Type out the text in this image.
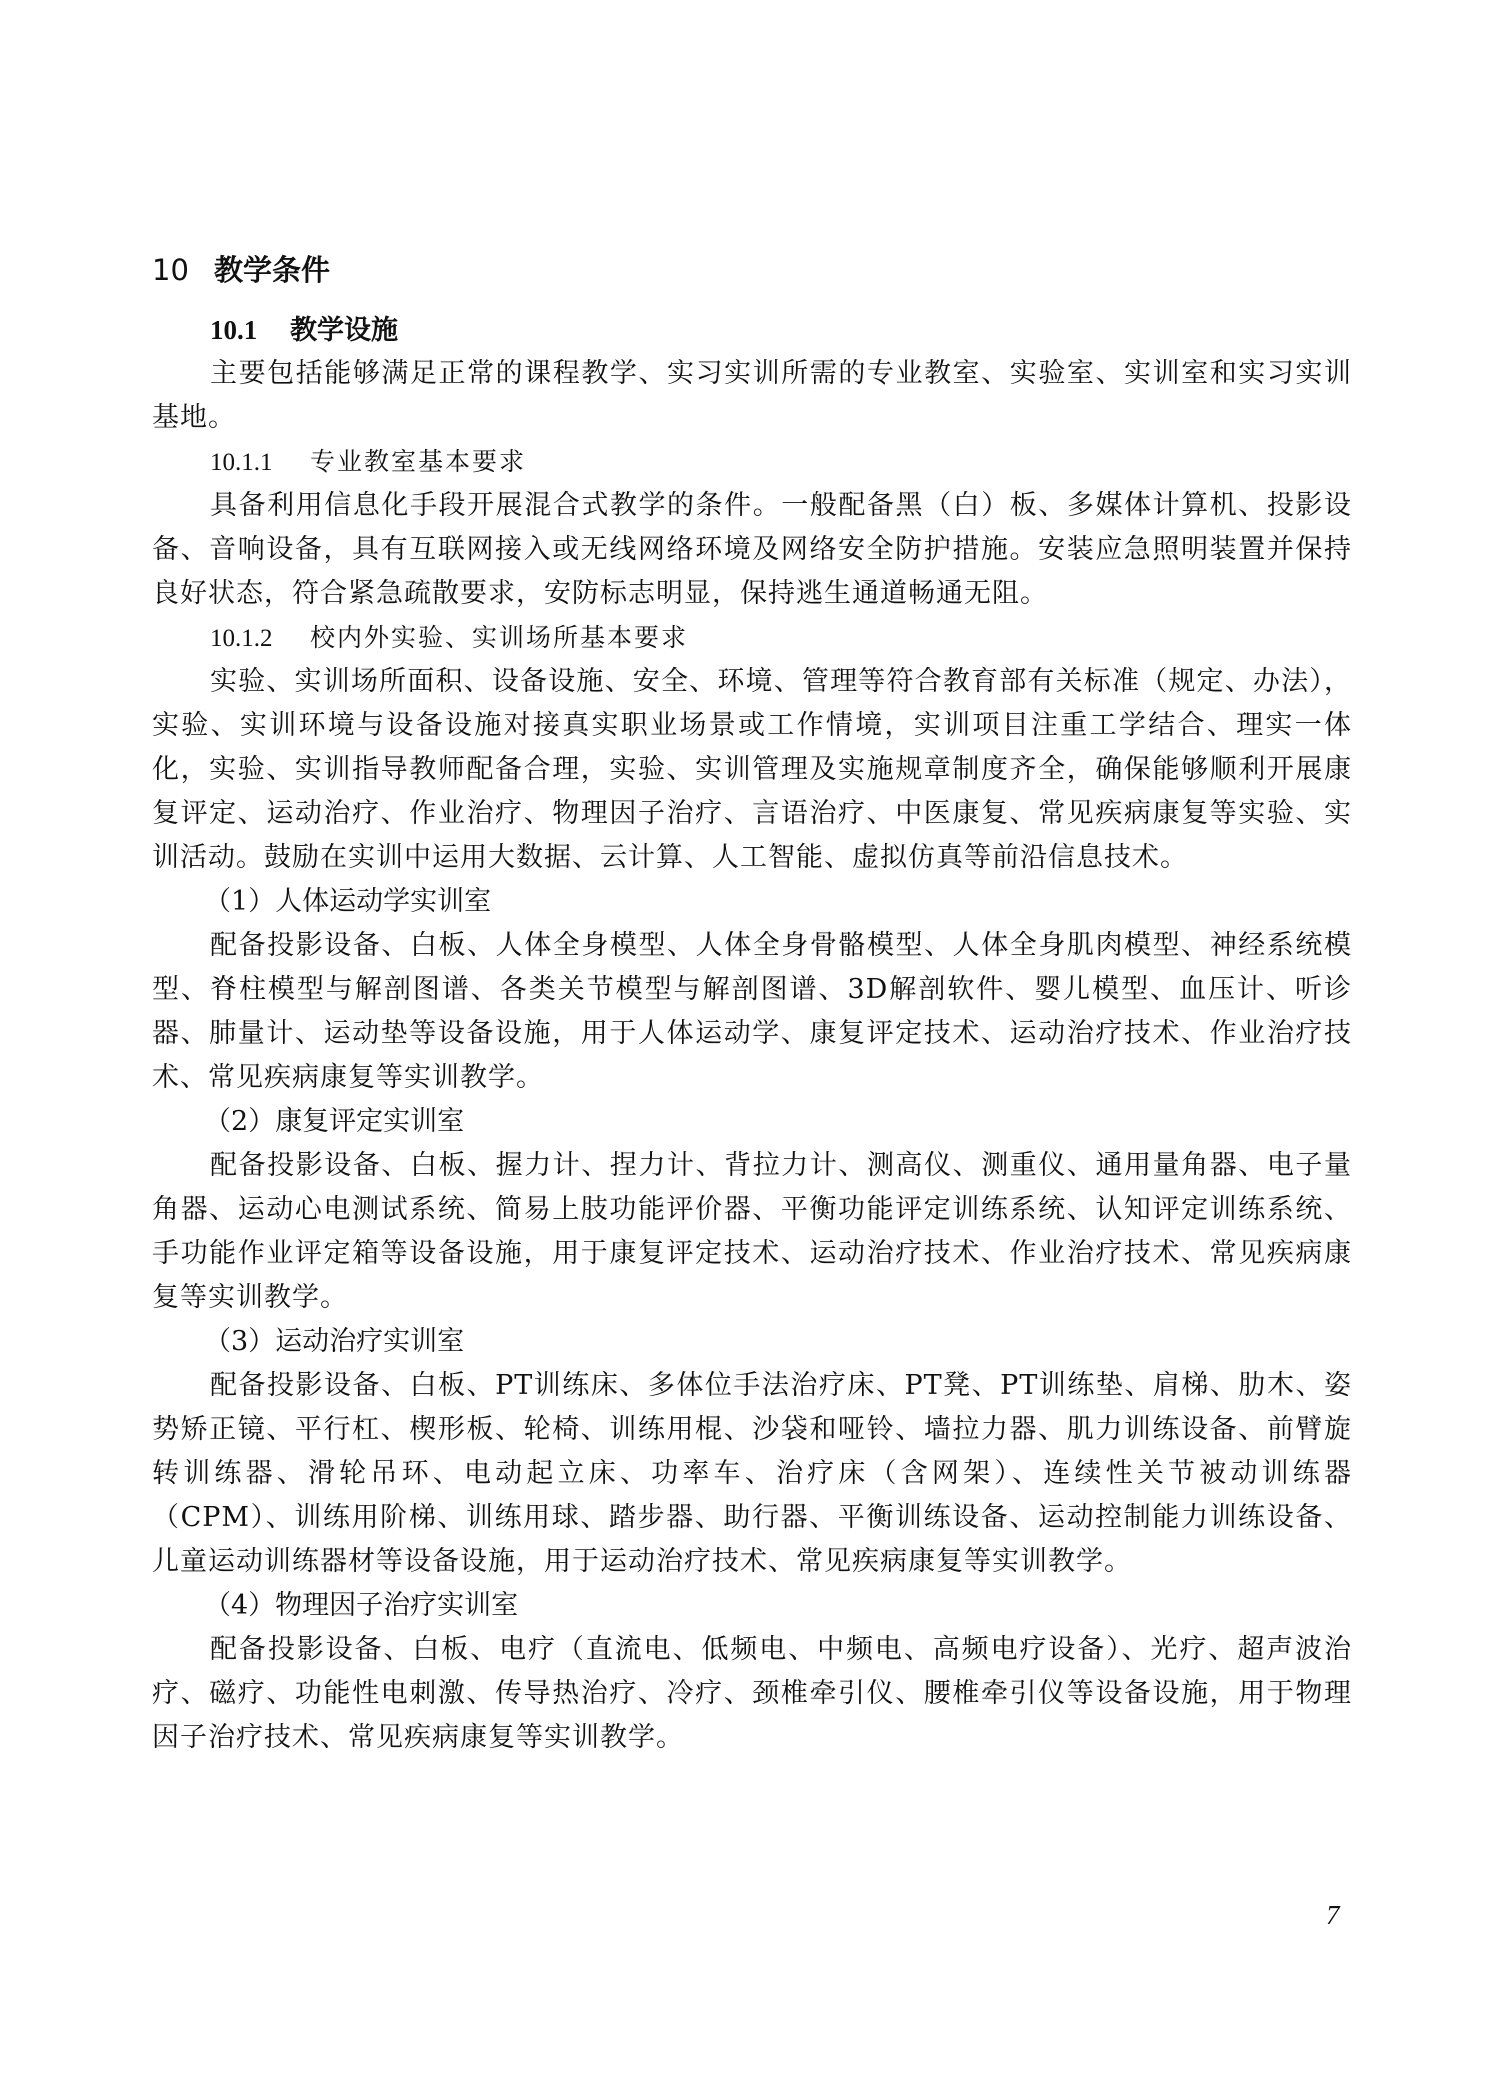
10 教学条件
10.1 教学设施

主要包括能够满足正常的课程教学、实习实训所需的专业教室、实验室、实训室和实习实训基地。

10.1.1 专业教室基本要求

具备利用信息化手段开展混合式教学的条件。一般配备黑（白）板、多媒体计算机、投影设备、音响设备，具有互联网接入或无线网络环境及网络安全防护措施。安装应急照明装置并保持良好状态，符合紧急疏散要求，安防标志明显，保持逃生通道畅通无阻。

10.1.2 校内外实验、实训场所基本要求

实验、实训场所面积、设备设施、安全、环境、管理等符合教育部有关标准（规定、办法），实验、实训环境与设备设施对接真实职业场景或工作情境，实训项目注重工学结合、理实一体化，实验、实训指导教师配备合理，实验、实训管理及实施规章制度齐全，确保能够顺利开展康复评定、运动治疗、作业治疗、物理因子治疗、言语治疗、中医康复、常见疾病康复等实验、实训活动。鼓励在实训中运用大数据、云计算、人工智能、虚拟仿真等前沿信息技术。

（1）人体运动学实训室

配备投影设备、白板、人体全身模型、人体全身骨骼模型、人体全身肌肉模型、神经系统模型、脊柱模型与解剖图谱、各类关节模型与解剖图谱、3D解剖软件、婴儿模型、血压计、听诊器、肺量计、运动垫等设备设施，用于人体运动学、康复评定技术、运动治疗技术、作业治疗技术、常见疾病康复等实训教学。

（2）康复评定实训室

配备投影设备、白板、握力计、捏力计、背拉力计、测高仪、测重仪、通用量角器、电子量角器、运动心电测试系统、简易上肢功能评价器、平衡功能评定训练系统、认知评定训练系统、手功能作业评定箱等设备设施，用于康复评定技术、运动治疗技术、作业治疗技术、常见疾病康复等实训教学。

（3）运动治疗实训室

配备投影设备、白板、PT训练床、多体位手法治疗床、PT凳、PT训练垫、肩梯、肋木、姿势矫正镜、平行杠、楔形板、轮椅、训练用棍、沙袋和哑铃、墙拉力器、肌力训练设备、前臂旋转训练器、滑轮吊环、电动起立床、功率车、治疗床（含网架）、连续性关节被动训练器（CPM）、训练用阶梯、训练用球、踏步器、助行器、平衡训练设备、运动控制能力训练设备、儿童运动训练器材等设备设施，用于运动治疗技术、常见疾病康复等实训教学。

（4）物理因子治疗实训室

配备投影设备、白板、电疗（直流电、低频电、中频电、高频电疗设备）、光疗、超声波治疗、磁疗、功能性电刺激、传导热治疗、冷疗、颈椎牵引仪、腰椎牵引仪等设备设施，用于物理因子治疗技术、常见疾病康复等实训教学。

7
